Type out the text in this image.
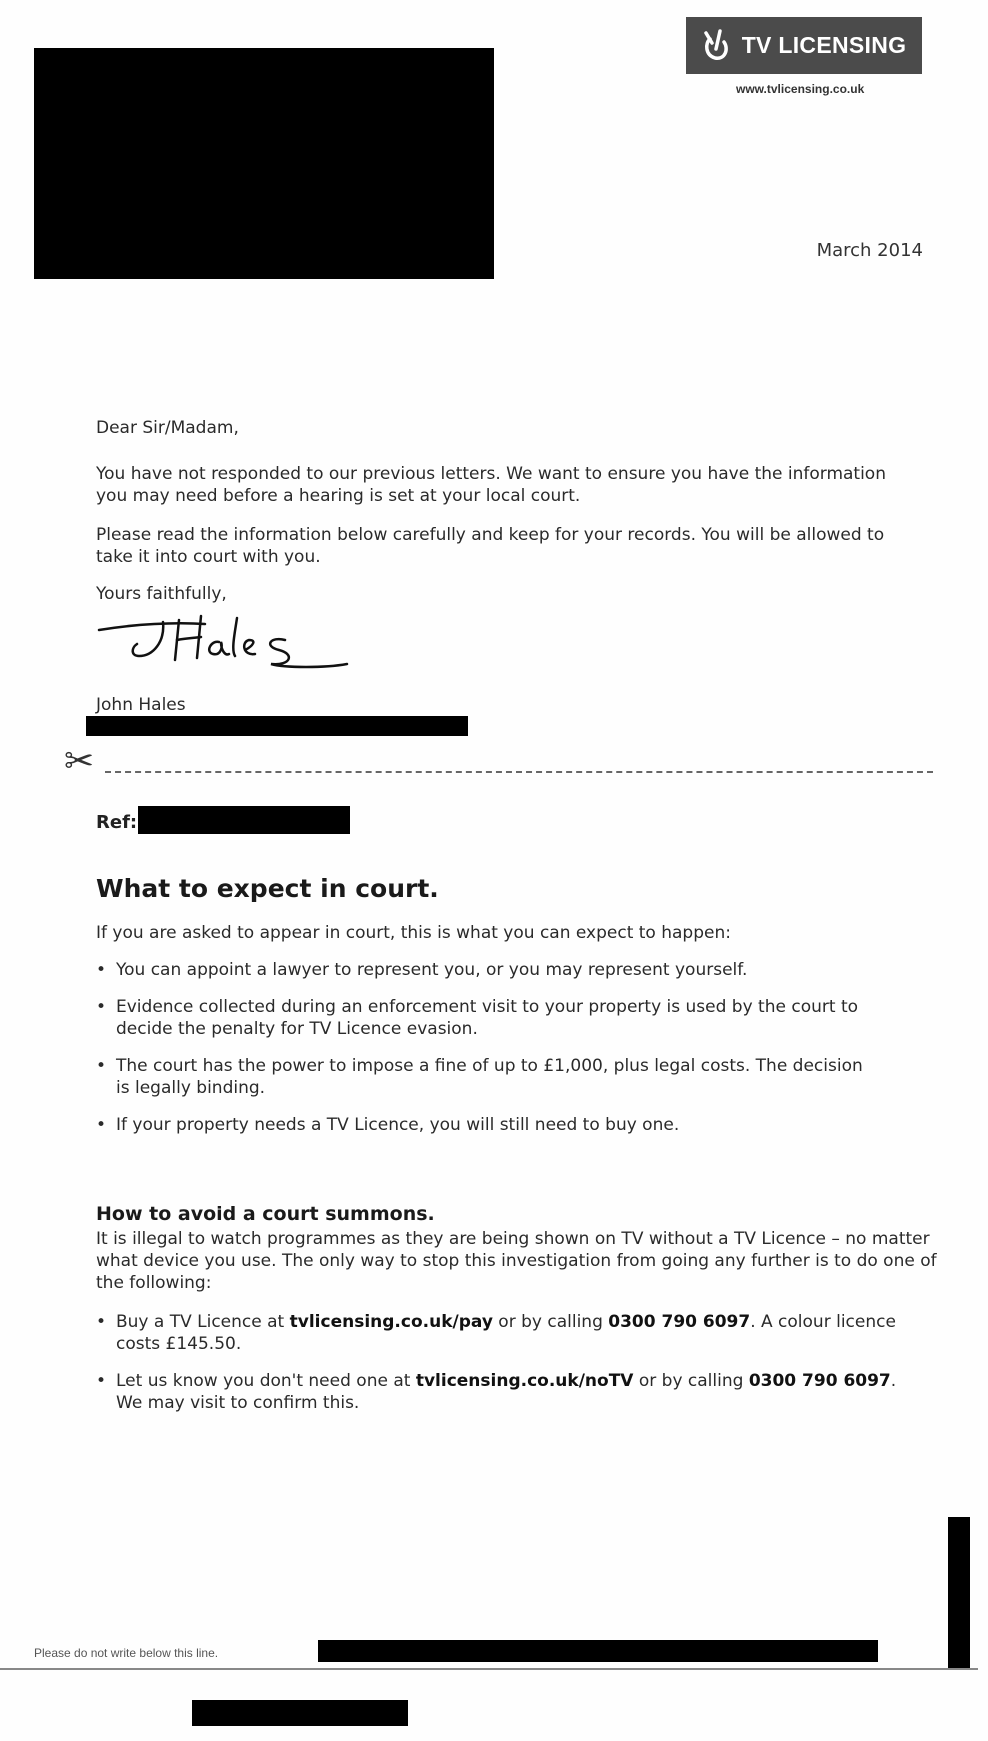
TV LICENSING
www.tvlicensing.co.uk
March 2014
Dear Sir/Madam,
You have not responded to our previous letters. We want to ensure you have the information you may need before a hearing is set at your local court.
Please read the information below carefully and keep for your records. You will be allowed to take it into court with you.
Yours faithfully,
John Hales
✂
Ref:
What to expect in court.
If you are asked to appear in court, this is what you can expect to happen:
• You can appoint a lawyer to represent you, or you may represent yourself.
• Evidence collected during an enforcement visit to your property is used by the court to decide the penalty for TV Licence evasion.
• The court has the power to impose a fine of up to £1,000, plus legal costs. The decision is legally binding.
• If your property needs a TV Licence, you will still need to buy one.
How to avoid a court summons.
It is illegal to watch programmes as they are being shown on TV without a TV Licence – no matter what device you use. The only way to stop this investigation from going any further is to do one of the following:
• Buy a TV Licence at tvlicensing.co.uk/pay or by calling 0300 790 6097. A colour licence costs £145.50.
• Let us know you don't need one at tvlicensing.co.uk/noTV or by calling 0300 790 6097. We may visit to confirm this.
Please do not write below this line.
